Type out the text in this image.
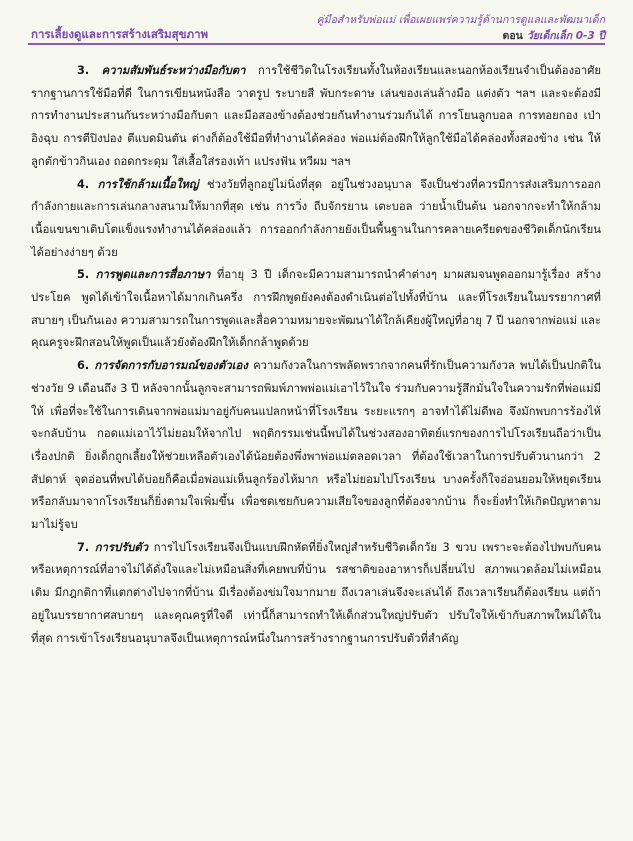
การเลี้ยงดูและการสร้างเสริมสุขภาพ
คู่มือสำหรับพ่อแม่ เพื่อเผยแพร่ความรู้ด้านการดูแลและพัฒนาเด็ก
ตอน วัยเด็กเล็ก 0-3 ปี

3. ความสัมพันธ์ระหว่างมือกับตา การใช้ชีวิตในโรงเรียนทั้งในห้องเรียนและนอกห้องเรียนจำเป็นต้องอาศัยรากฐานการใช้มือที่ดี ในการเขียนหนังสือ วาดรูป ระบายสี พับกระดาษ เล่นของเล่นล้างมือ แต่งตัว ฯลฯ และจะต้องมีการทำงานประสานกันระหว่างมือกับตา และมือสองข้างต้องช่วยกันทำงานร่วมกันได้ การโยนลูกบอล การทอยกอง เป่าอิงฉุบ การตีปิงปอง ตีแบดมินตัน ต่างก็ต้องใช้มือที่ทำงานได้คล่อง พ่อแม่ต้องฝึกให้ลูกใช้มือได้คล่องทั้งสองข้าง เช่น ให้ลูกตักข้าวกินเอง ถอดกระดุม ใส่เสื้อใส่รองเท้า แปรงฟัน หวีผม ฯลฯ

4. การใช้กล้ามเนื้อใหญ่ ช่วงวัยที่ลูกอยู่ไม่นิ่งที่สุด อยู่ในช่วงอนุบาล จึงเป็นช่วงที่ควรมีการส่งเสริมการออกกำลังกายและการเล่นกลางสนามให้มากที่สุด เช่น การวิ่ง ถีบจักรยาน เตะบอล ว่ายน้ำเป็นต้น นอกจากจะทำให้กล้ามเนื้อแขนขาเติบโตแข็งแรงทำงานได้คล่องแล้ว การออกกำลังกายยังเป็นพื้นฐานในการคลายเครียดของชีวิตเด็กนักเรียนได้อย่างง่ายๆ ด้วย

5. การพูดและการสื่อภาษา ที่อายุ 3 ปี เด็กจะมีความสามารถนำคำต่างๆ มาผสมจนพูดออกมารู้เรื่อง สร้างประโยค พูดได้เข้าใจเนื้อหาได้มากเกินครึ่ง การฝึกพูดยังคงต้องดำเนินต่อไปทั้งที่บ้าน และที่โรงเรียนในบรรยากาศที่สบายๆ เป็นกันเอง ความสามารถในการพูดและสื่อความหมายจะพัฒนาได้ใกล้เคียงผู้ใหญ่ที่อายุ 7 ปี นอกจากพ่อแม่ และคุณครูจะฝึกสอนให้พูดเป็นแล้วยังต้องฝึกให้เด็กกล้าพูดด้วย

6. การจัดการกับอารมณ์ของตัวเอง ความกังวลในการพลัดพรากจากคนที่รักเป็นความกังวล พบได้เป็นปกติในช่วงวัย 9 เดือนถึง 3 ปี หลังจากนั้นลูกจะสามารถพิมพ์ภาพพ่อแม่เอาไว้ในใจ ร่วมกับความรู้สึกมั่นใจในความรักที่พ่อแม่มีให้ เพื่อที่จะใช้ในการเดินจากพ่อแม่มาอยู่กับคนแปลกหน้าที่โรงเรียน ระยะแรกๆ อาจทำได้ไม่ดีพอ จึงมักพบการร้องไห้จะกลับบ้าน กอดแม่เอาไว้ไม่ยอมให้จากไป พฤติกรรมเช่นนี้พบได้ในช่วงสองอาทิตย์แรกของการไปโรงเรียนถือว่าเป็นเรื่องปกติ ยิ่งเด็กถูกเลี้ยงให้ช่วยเหลือตัวเองได้น้อยต้องพึ่งพาพ่อแม่ตลอดเวลา ที่ต้องใช้เวลาในการปรับตัวนานกว่า 2 สัปดาห์ จุดอ่อนที่พบได้บ่อยก็คือเมื่อพ่อแม่เห็นลูกร้องไห้มาก หรือไม่ยอมไปโรงเรียน บางครั้งก็ใจอ่อนยอมให้หยุดเรียน หรือกลับมาจากโรงเรียนก็ยิ่งตามใจเพิ่มขึ้น เพื่อชดเชยกับความเสียใจของลูกที่ต้องจากบ้าน ก็จะยิ่งทำให้เกิดปัญหาตามมาไม่รู้จบ

7. การปรับตัว การไปโรงเรียนจึงเป็นแบบฝึกหัดที่ยิ่งใหญ่สำหรับชีวิตเด็กวัย 3 ขวบ เพราะจะต้องไปพบกับคนหรือเหตุการณ์ที่อาจไม่ได้ดั่งใจและไม่เหมือนสิ่งที่เคยพบที่บ้าน รสชาติของอาหารก็เปลี่ยนไป สภาพแวดล้อมไม่เหมือนเดิม มีกฎกติกาที่แตกต่างไปจากที่บ้าน มีเรื่องต้องข่มใจมากมาย ถึงเวลาเล่นจึงจะเล่นได้ ถึงเวลาเรียนก็ต้องเรียน แต่ถ้าอยู่ในบรรยากาศสบายๆ และคุณครูที่ใจดี เท่านี้ก็สามารถทำให้เด็กส่วนใหญ่ปรับตัว ปรับใจให้เข้ากับสภาพใหม่ได้ในที่สุด การเข้าโรงเรียนอนุบาลจึงเป็นเหตุการณ์หนึ่งในการสร้างรากฐานการปรับตัวที่สำคัญ
